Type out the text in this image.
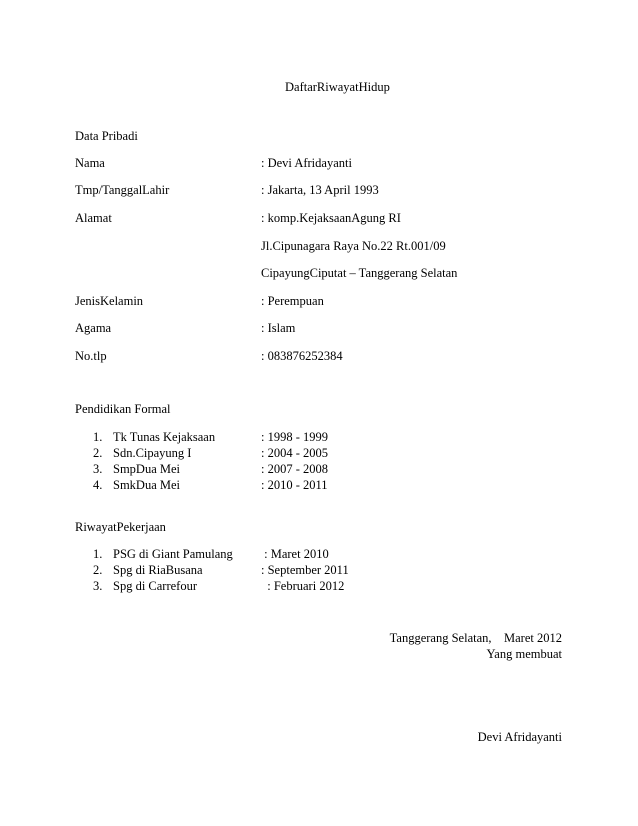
DaftarRiwayatHidup
Data Pribadi
Nama	: Devi Afridayanti
Tmp/TanggalLahir	: Jakarta, 13 April 1993
Alamat	: komp.KejaksaanAgung RI
Jl.Cipunagara Raya No.22 Rt.001/09
CipayungCiputat – Tanggerang Selatan
JenisKelamin	: Perempuan
Agama	: Islam
No.tlp	: 083876252384
Pendidikan Formal
1. Tk Tunas Kejaksaan	: 1998 - 1999
2. Sdn.Cipayung I	: 2004 - 2005
3. SmpDua Mei	: 2007 - 2008
4. SmkDua Mei	: 2010 - 2011
RiwayatPekerjaan
1. PSG di Giant Pamulang : Maret 2010
2. Spg di RiaBusana	: September 2011
3. Spg di Carrefour	: Februari 2012
Tanggerang Selatan,    Maret 2012
Yang membuat
Devi Afridayanti
